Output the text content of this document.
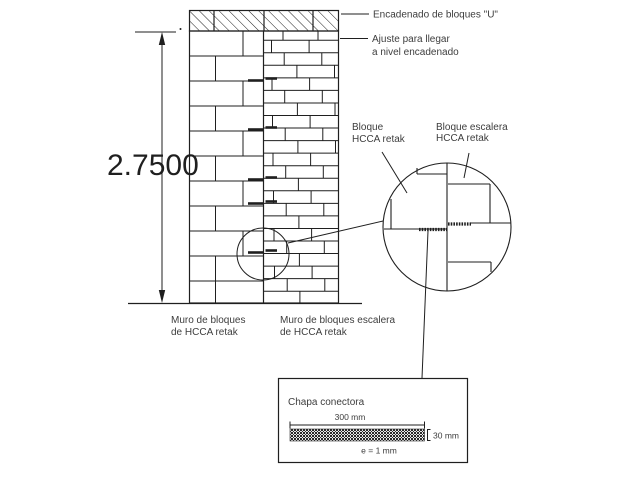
2.7500
Encadenado de bloques "U"
Ajuste para llegar
a nivel encadenado
Muro de bloques
de HCCA retak
Muro de bloques escalera
de HCCA retak
Bloque
HCCA retak
Bloque escalera
HCCA retak
Chapa conectora
300 mm
30 mm
e = 1 mm
